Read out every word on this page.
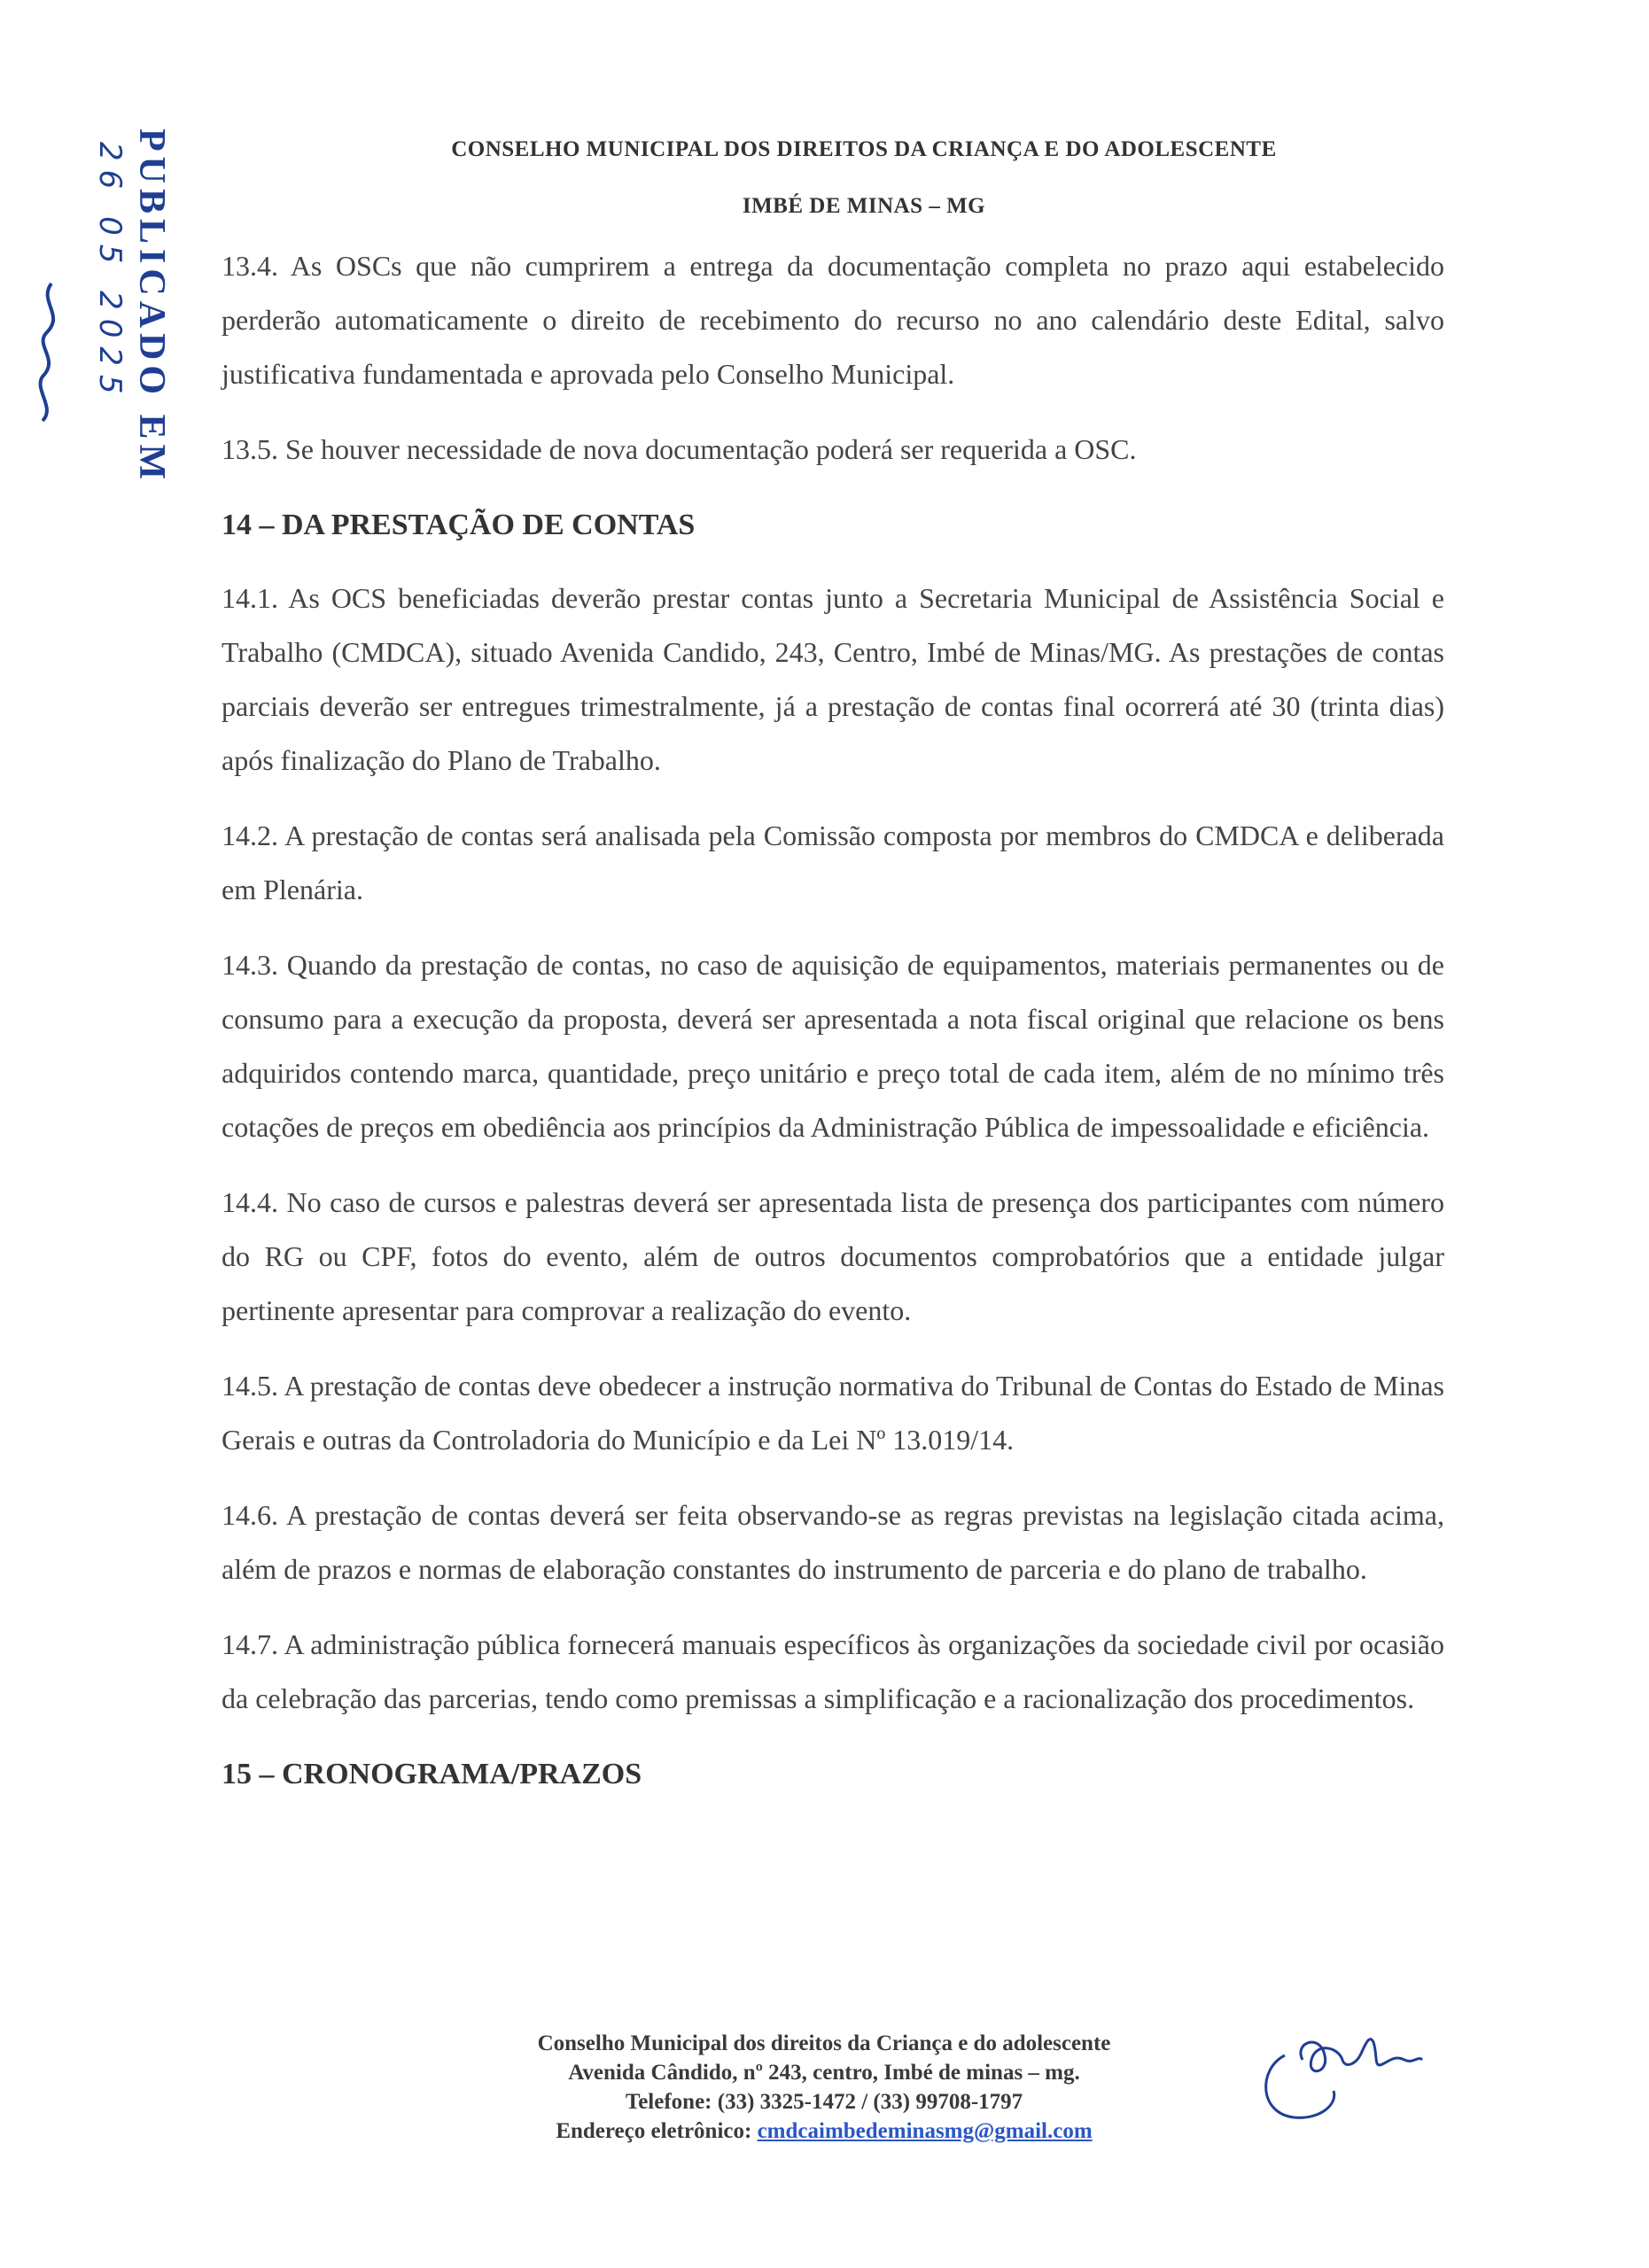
PUBLICADO EM
26 05 2025	CONSELHO MUNICIPAL DOS DIREITOS DA CRIANÇA E DO ADOLESCENTE
IMBÉ DE MINAS – MG

13.4. As OSCs que não cumprirem a entrega da documentação completa no prazo aqui estabelecido perderão automaticamente o direito de recebimento do recurso no ano calendário deste Edital, salvo justificativa fundamentada e aprovada pelo Conselho Municipal.

13.5. Se houver necessidade de nova documentação poderá ser requerida a OSC.

14 – DA PRESTAÇÃO DE CONTAS

14.1. As OCS beneficiadas deverão prestar contas junto a Secretaria Municipal de Assistência Social e Trabalho (CMDCA), situado Avenida Candido, 243, Centro, Imbé de Minas/MG. As prestações de contas parciais deverão ser entregues trimestralmente, já a prestação de contas final ocorrerá até 30 (trinta dias) após finalização do Plano de Trabalho.

14.2. A prestação de contas será analisada pela Comissão composta por membros do CMDCA e deliberada em Plenária.

14.3. Quando da prestação de contas, no caso de aquisição de equipamentos, materiais permanentes ou de consumo para a execução da proposta, deverá ser apresentada a nota fiscal original que relacione os bens adquiridos contendo marca, quantidade, preço unitário e preço total de cada item, além de no mínimo três cotações de preços em obediência aos princípios da Administração Pública de impessoalidade e eficiência.

14.4. No caso de cursos e palestras deverá ser apresentada lista de presença dos participantes com número do RG ou CPF, fotos do evento, além de outros documentos comprobatórios que a entidade julgar pertinente apresentar para comprovar a realização do evento.

14.5. A prestação de contas deve obedecer a instrução normativa do Tribunal de Contas do Estado de Minas Gerais e outras da Controladoria do Município e da Lei Nº 13.019/14.

14.6. A prestação de contas deverá ser feita observando-se as regras previstas na legislação citada acima, além de prazos e normas de elaboração constantes do instrumento de parceria e do plano de trabalho.

14.7. A administração pública fornecerá manuais específicos às organizações da sociedade civil por ocasião da celebração das parcerias, tendo como premissas a simplificação e a racionalização dos procedimentos.

15 – CRONOGRAMA/PRAZOS
Conselho Municipal dos direitos da Criança e do adolescente
Avenida Cândido, nº 243, centro, Imbé de minas – mg.
Telefone: (33) 3325-1472 / (33) 99708-1797
Endereço eletrônico: cmdcaimbedeminasmg@gmail.com
